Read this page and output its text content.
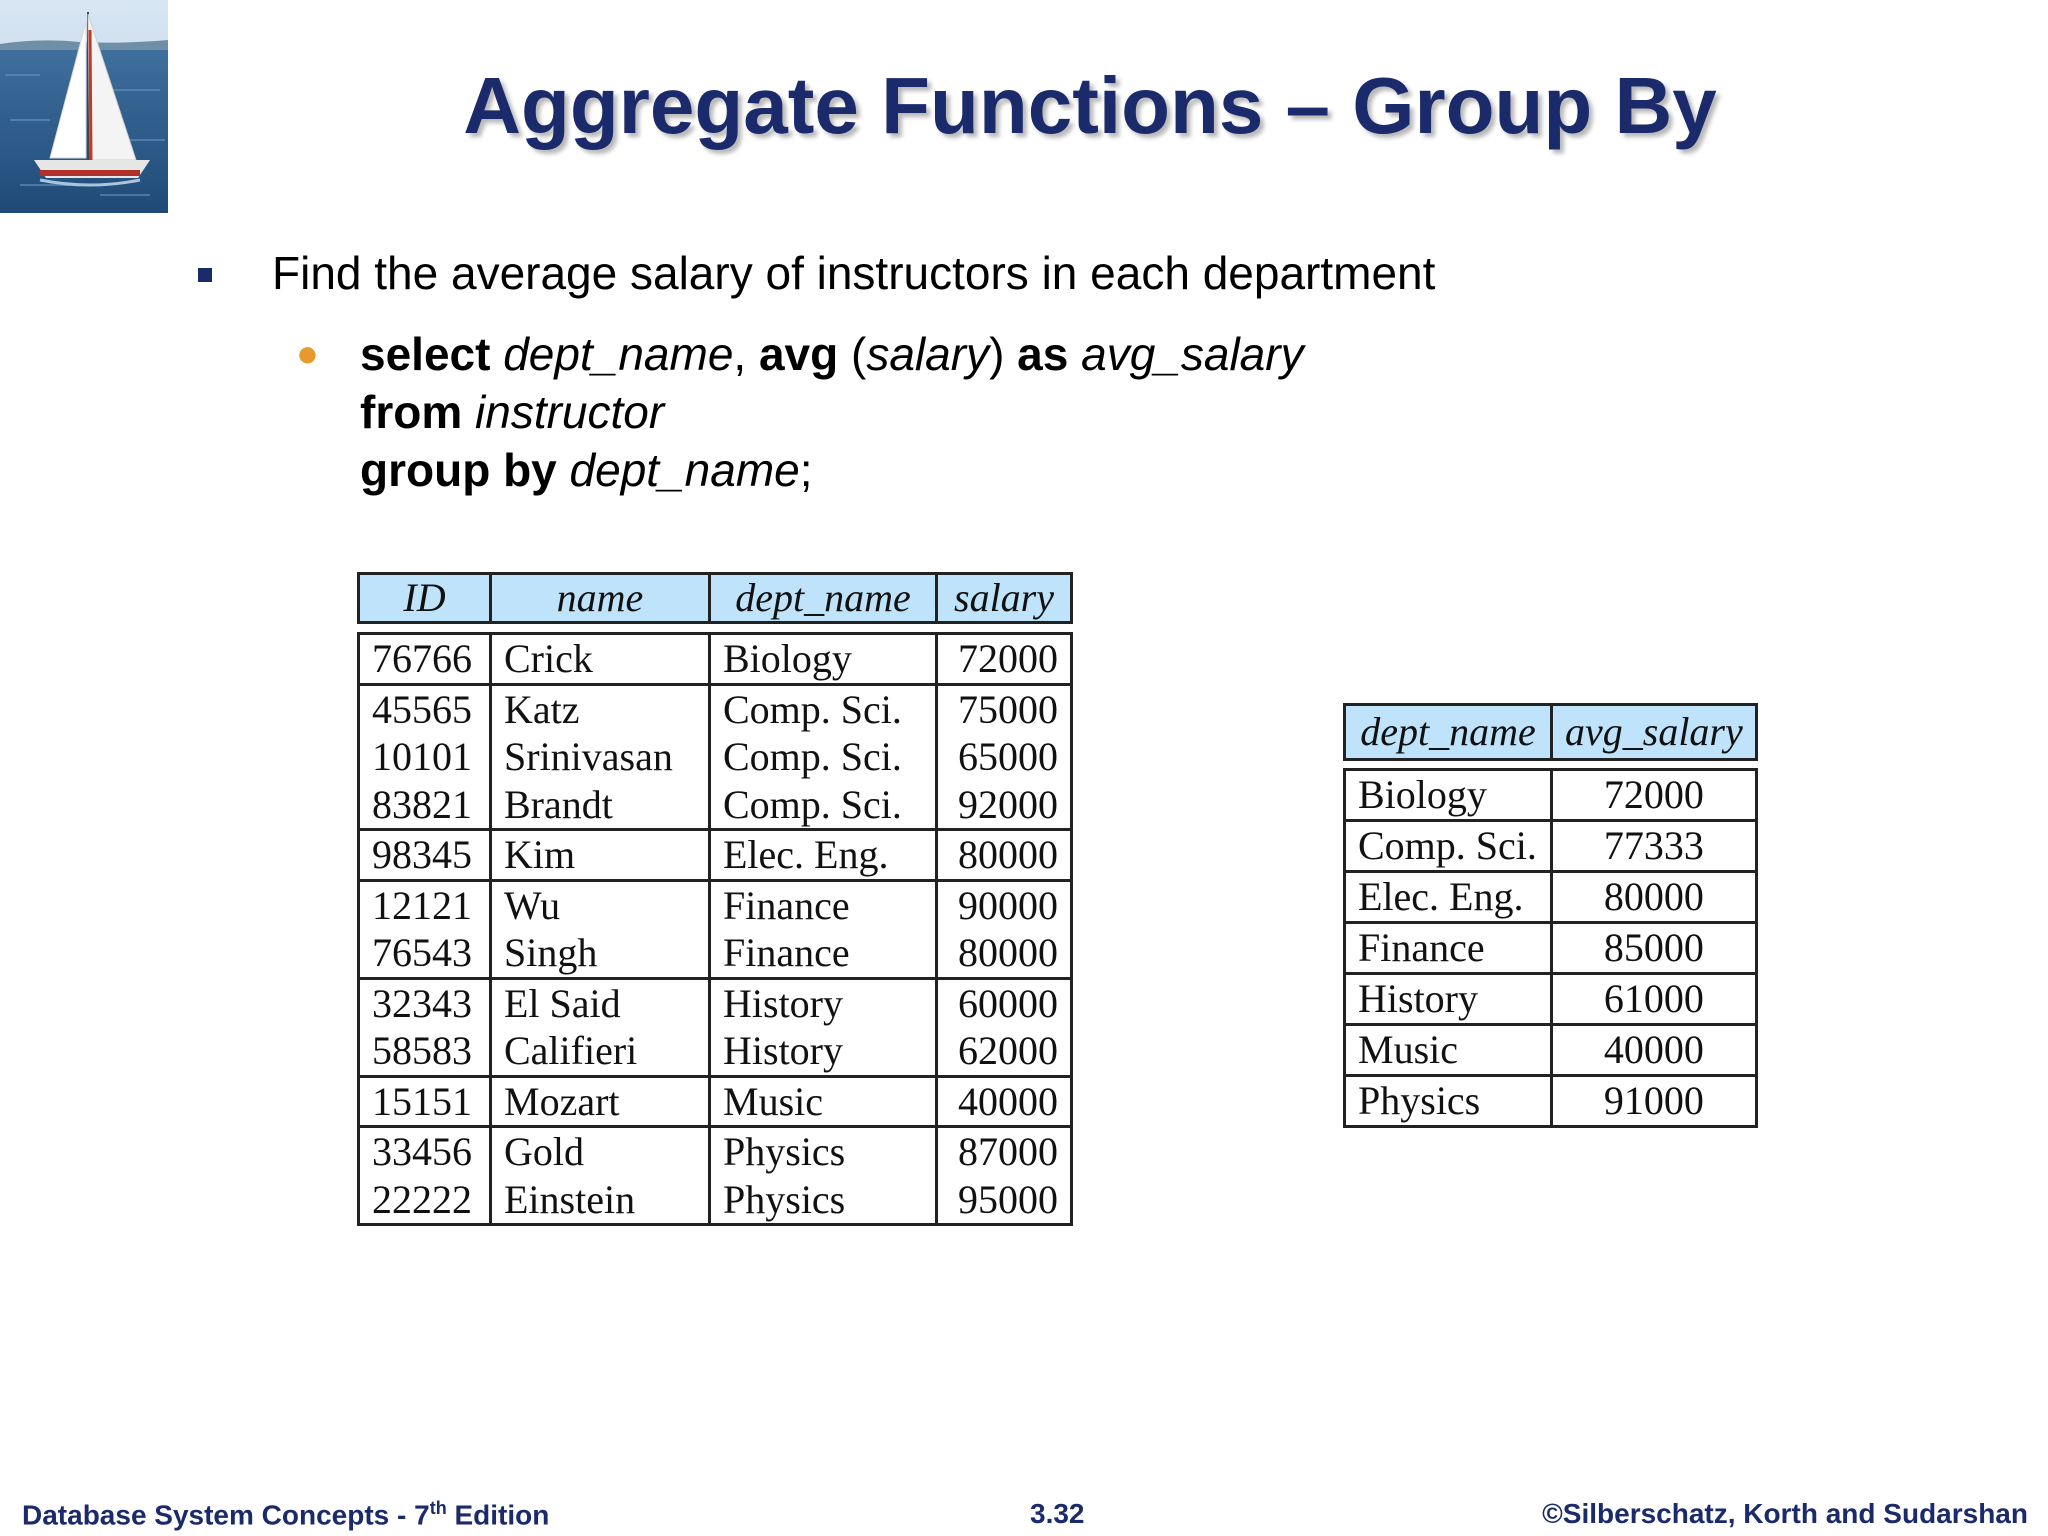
Aggregate Functions – Group By
Find the average salary of instructors in each department
● select dept_name, avg (salary) as avg_salary
from instructor
group by dept_name;
ID	name	dept_name	salary

76766	Crick	Biology	72000
45565	Katz	Comp. Sci.	75000
10101	Srinivasan	Comp. Sci.	65000
83821	Brandt	Comp. Sci.	92000
98345	Kim	Elec. Eng.	80000
12121	Wu	Finance	90000
76543	Singh	Finance	80000
32343	El Said	History	60000
58583	Califieri	History	62000
15151	Mozart	Music	40000
33456	Gold	Physics	87000
22222	Einstein	Physics	95000
dept_name	avg_salary

Biology	72000
Comp. Sci.	77333
Elec. Eng.	80000
Finance	85000
History	61000
Music	40000
Physics	91000
Database System Concepts - 7th Edition	3.32	©Silberschatz, Korth and Sudarshan
